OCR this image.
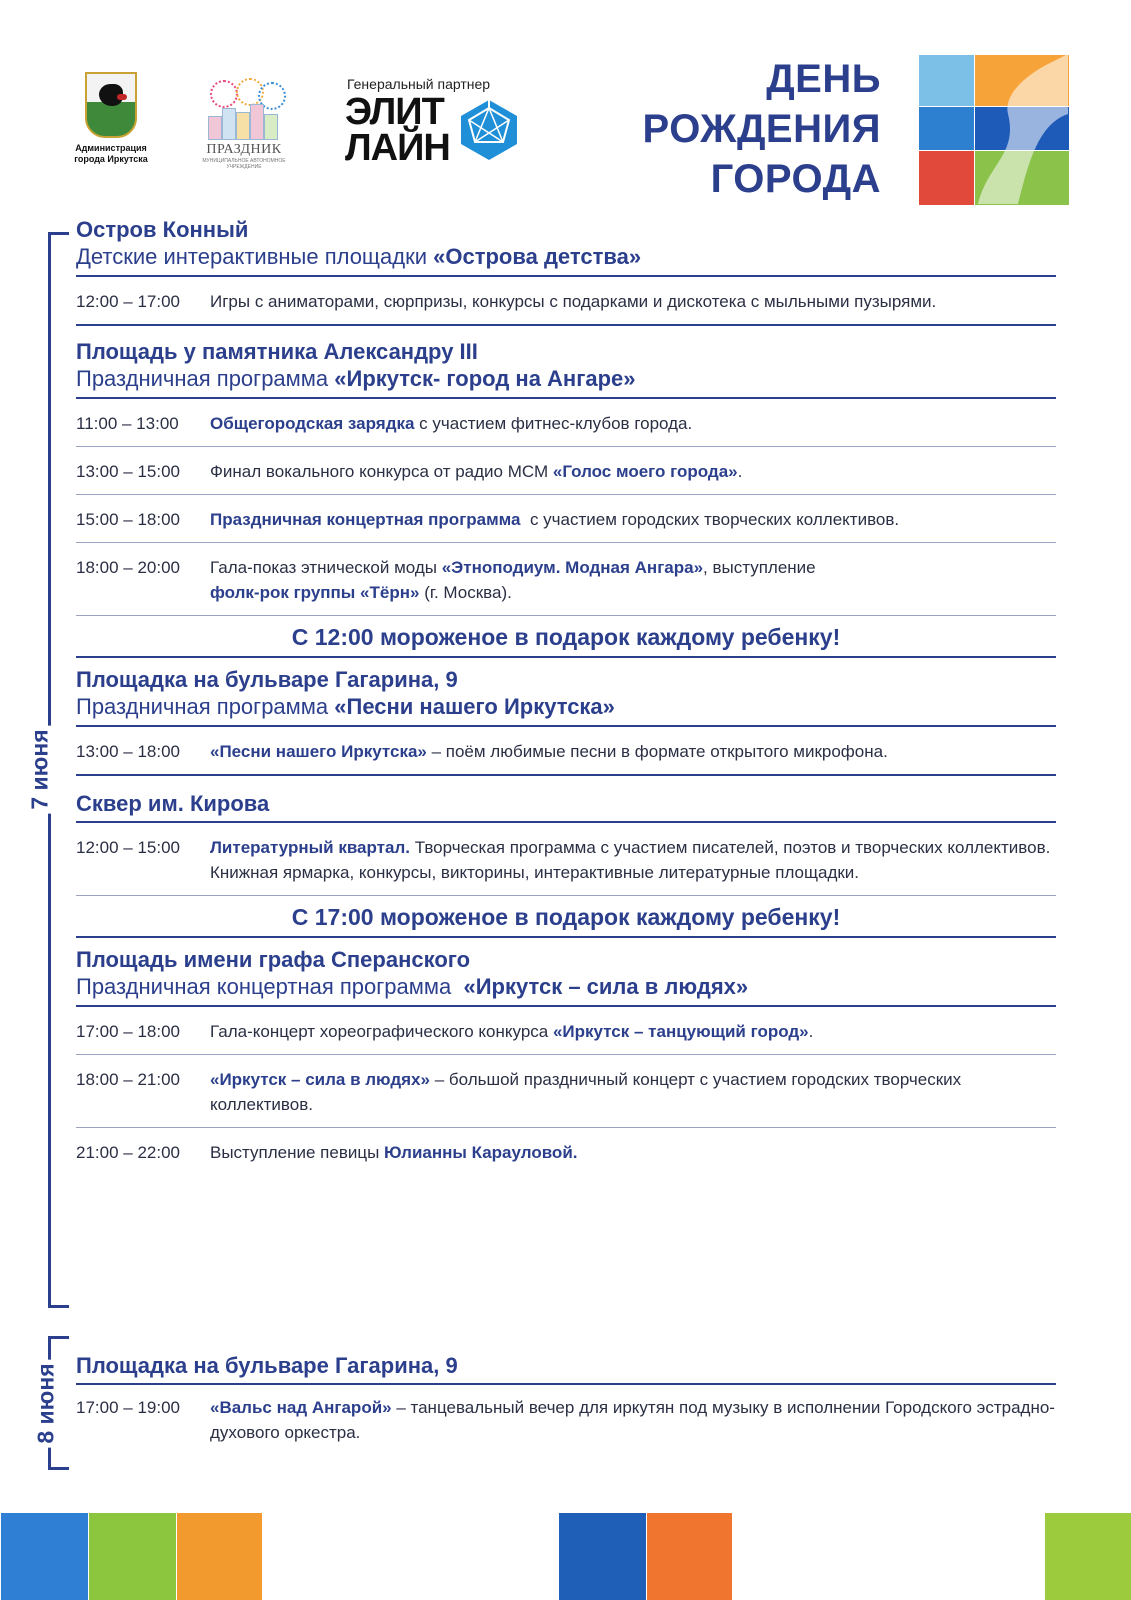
Администрация города Иркутска
ПРАЗДНИК
МУНИЦИПАЛЬНОЕ АВТОНОМНОЕ УЧРЕЖДЕНИЕ
Генеральный партнер
ЭЛИТ
ЛАЙН
ДЕНЬ
РОЖДЕНИЯ
ГОРОДА
7 июня
8 июня
Остров Конный
Детские интерактивные площадки «Острова детства»
12:00 – 17:00	Игры с аниматорами, сюрпризы, конкурсы с подарками и дискотека с мыльными пузырями.
Площадь у памятника Александру III
Праздничная программа «Иркутск- город на Ангаре»
11:00 – 13:00	Общегородская зарядка с участием фитнес-клубов города.
13:00 – 15:00	Финал вокального конкурса от радио МСМ «Голос моего города».
15:00 – 18:00	Праздничная концертная программа  с участием городских творческих коллективов.
18:00 – 20:00	Гала-показ этнической моды «Этноподиум. Модная Ангара», выступление
фолк-рок группы «Тёрн» (г. Москва).
С 12:00 мороженое в подарок каждому ребенку!
Площадка на бульваре Гагарина, 9
Праздничная программа «Песни нашего Иркутска»
13:00 – 18:00	«Песни нашего Иркутска» – поём любимые песни в формате открытого микрофона.
Сквер им. Кирова
12:00 – 15:00	Литературный квартал. Творческая программа с участием писателей, поэтов и творческих коллективов. Книжная ярмарка, конкурсы, викторины, интерактивные литературные площадки.
С 17:00 мороженое в подарок каждому ребенку!
Площадь имени графа Сперанского
Праздничная концертная программа  «Иркутск – сила в людях»
17:00 – 18:00	Гала-концерт хореографического конкурса «Иркутск – танцующий город».
18:00 – 21:00	«Иркутск – сила в людях» – большой праздничный концерт с участием городских творческих коллективов.
21:00 – 22:00	Выступление певицы Юлианны Карауловой.
Площадка на бульваре Гагарина, 9
17:00 – 19:00	«Вальс над Ангарой» – танцевальный вечер для иркутян под музыку в исполнении Городского эстрадно-духового оркестра.
